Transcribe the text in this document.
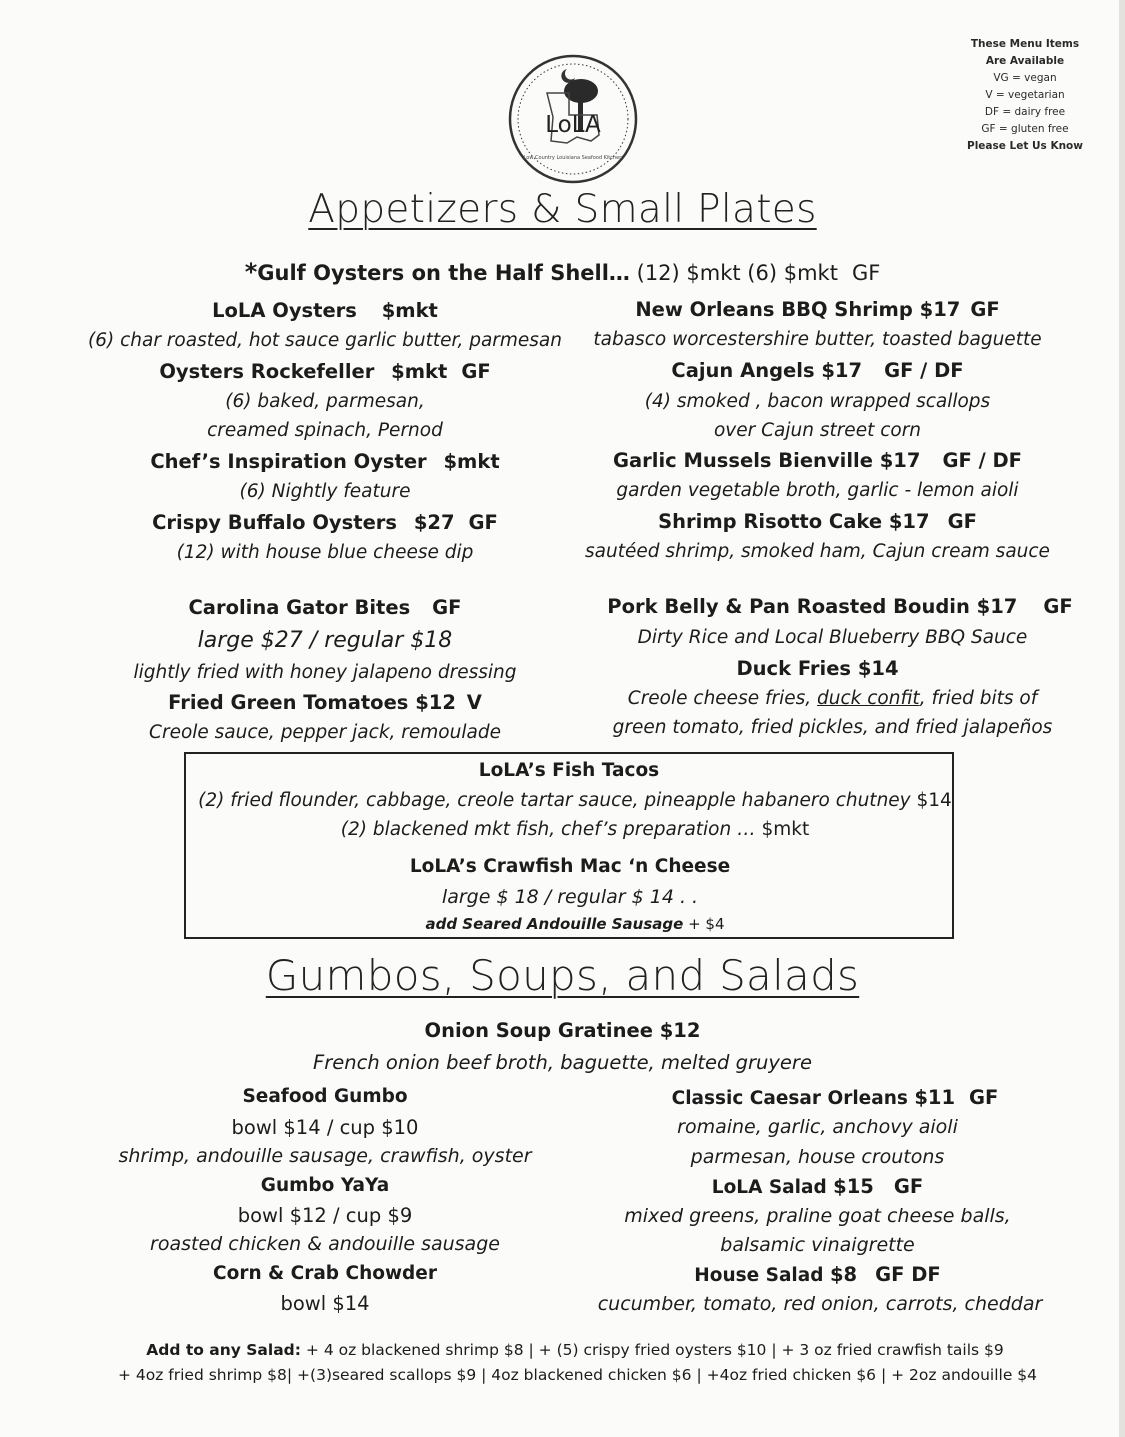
LoLA
Low Country Louisiana Seafood Kitchen
These Menu Items
Are Available
VG = vegan
V = vegetarian
DF = dairy free
GF = gluten free
Please Let Us Know
Appetizers & Small Plates
*Gulf Oysters on the Half Shell… (12) $mkt (6) $mkt GF
LoLA Oysters $mkt
(6) char roasted, hot sauce garlic butter, parmesan
Oysters Rockefeller $mkt GF
(6) baked, parmesan,
creamed spinach, Pernod
Chef’s Inspiration Oyster $mkt
(6) Nightly feature
Crispy Buffalo Oysters $27 GF
(12) with house blue cheese dip
Carolina Gator Bites GF
large $27 / regular $18
lightly fried with honey jalapeno dressing
Fried Green Tomatoes $12 V
Creole sauce, pepper jack, remoulade
New Orleans BBQ Shrimp $17 GF
tabasco worcestershire butter, toasted baguette
Cajun Angels $17 GF / DF
(4) smoked , bacon wrapped scallops
over Cajun street corn
Garlic Mussels Bienville $17 GF / DF
garden vegetable broth, garlic - lemon aioli
Shrimp Risotto Cake $17 GF
sautéed shrimp, smoked ham, Cajun cream sauce
Pork Belly & Pan Roasted Boudin $17 GF
Dirty Rice and Local Blueberry BBQ Sauce
Duck Fries $14
Creole cheese fries, duck confit, fried bits of
green tomato, fried pickles, and fried jalapeños
LoLA’s Fish Tacos
(2) fried flounder, cabbage, creole tartar sauce, pineapple habanero chutney $14
(2) blackened mkt fish, chef’s preparation … $mkt
LoLA’s Crawfish Mac ‘n Cheese
large $ 18 / regular $ 14 . .
add Seared Andouille Sausage + $4
Gumbos, Soups, and Salads
Onion Soup Gratinee $12
French onion beef broth, baguette, melted gruyere
Seafood Gumbo
bowl $14 / cup $10
shrimp, andouille sausage, crawfish, oyster
Gumbo YaYa
bowl $12 / cup $9
roasted chicken & andouille sausage
Corn & Crab Chowder
bowl $14
Classic Caesar Orleans $11 GF
romaine, garlic, anchovy aioli
parmesan, house croutons
LoLA Salad $15 GF
mixed greens, praline goat cheese balls,
balsamic vinaigrette
House Salad $8 GF DF
cucumber, tomato, red onion, carrots, cheddar
Add to any Salad: + 4 oz blackened shrimp $8 | + (5) crispy fried oysters $10 | + 3 oz fried crawfish tails $9
+ 4oz fried shrimp $8| +(3)seared scallops $9 | 4oz blackened chicken $6 | +4oz fried chicken $6 | + 2oz andouille $4
